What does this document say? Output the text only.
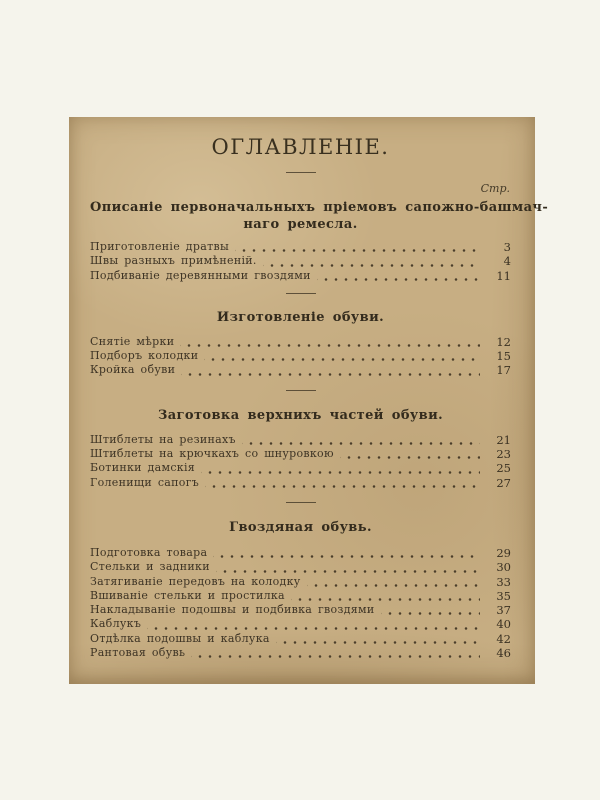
ОГЛАВЛЕНІЕ.
Стр.
Описаніе первоначальныхъ пріемовъ сапожно-башмач-
наго ремесла.
Приготовленіе дратвы	3
Швы разныхъ примѣненій.	4
Подбиваніе деревянными гвоздями	11
Изготовленіе обуви.
Снятіе мѣрки	12
Подборъ колодки	15
Кройка обуви	17
Заготовка верхнихъ частей обуви.
Штиблеты на резинахъ	21
Штиблеты на крючкахъ со шнуровкою	23
Ботинки дамскія	25
Голенищи сапогъ	27
Гвоздяная обувь.
Подготовка товара	29
Стельки и задники	30
Затягиваніе передовъ на колодку	33
Вшиваніе стельки и простилка	35
Накладываніе подошвы и подбивка гвоздями	37
Каблукъ	40
Отдѣлка подошвы и каблука	42
Рантовая обувь	46
